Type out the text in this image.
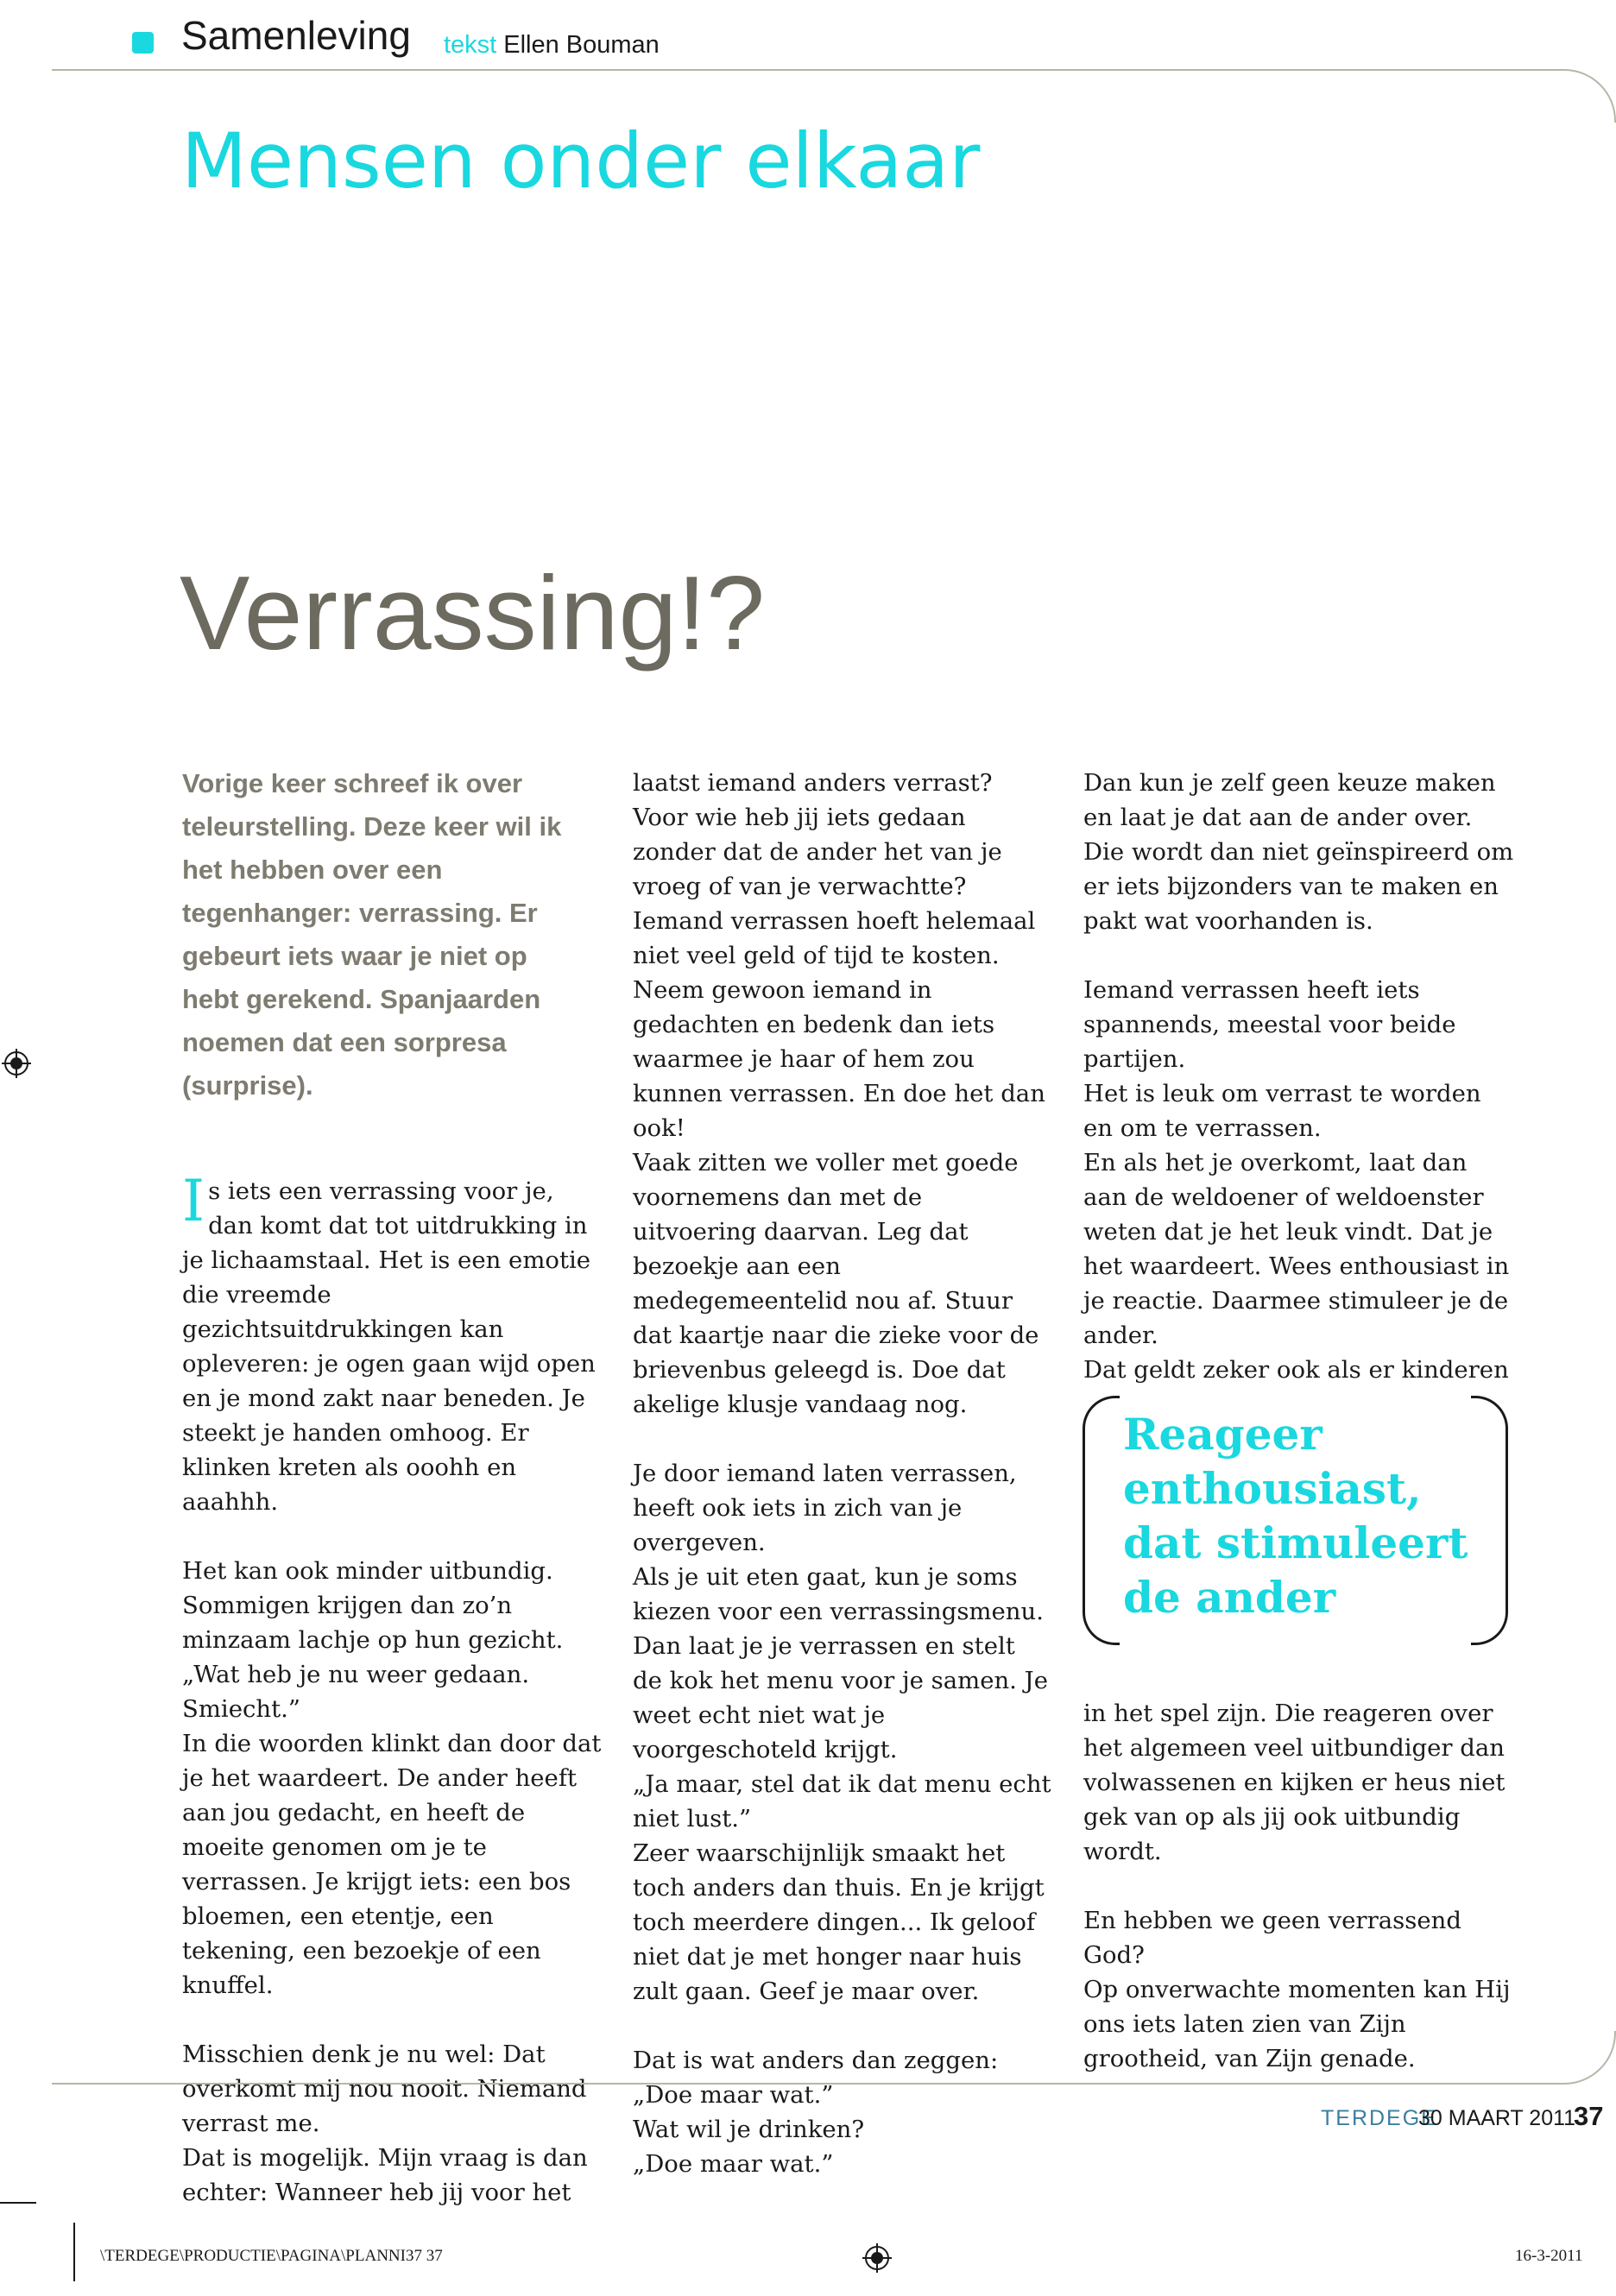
Samenleving tekst Ellen Bouman
Mensen onder elkaar
Verrassing!?
Vorige keer schreef ik over teleurstelling. Deze keer wil ik het hebben over een tegenhanger: verrassing. Er gebeurt iets waar je niet op hebt gerekend. Spanjaarden noemen dat een sorpresa (surprise).

Is iets een verrassing voor je, dan komt dat tot uitdrukking in je lichaamstaal. Het is een emotie die vreemde gezichtsuitdrukkingen kan opleveren: je ogen gaan wijd open en je mond zakt naar beneden. Je steekt je handen omhoog. Er klinken kreten als ooohh en aaahhh.

Het kan ook minder uitbundig. Sommigen krijgen dan zo’n minzaam lachje op hun gezicht. „Wat heb je nu weer gedaan. Smiecht.”

In die woorden klinkt dan door dat je het waardeert. De ander heeft aan jou gedacht, en heeft de moeite genomen om je te verrassen. Je krijgt iets: een bos bloemen, een etentje, een tekening, een bezoekje of een knuffel.

Misschien denk je nu wel: Dat overkomt mij nou nooit. Niemand verrast me.
Dat is mogelijk. Mijn vraag is dan echter: Wanneer heb jij voor het
laatst iemand anders verrast? Voor wie heb jij iets gedaan zonder dat de ander het van je vroeg of van je verwachtte?
Iemand verrassen hoeft helemaal niet veel geld of tijd te kosten. Neem gewoon iemand in gedachten en bedenk dan iets waarmee je haar of hem zou kunnen verrassen. En doe het dan ook!

Vaak zitten we voller met goede voornemens dan met de uitvoering daarvan. Leg dat bezoekje aan een medegemeentelid nou af. Stuur dat kaartje naar die zieke voor de brievenbus geleegd is. Doe dat akelige klusje vandaag nog.

Je door iemand laten verrassen, heeft ook iets in zich van je overgeven.
Als je uit eten gaat, kun je soms kiezen voor een verrassingsmenu. Dan laat je je verrassen en stelt de kok het menu voor je samen. Je weet echt niet wat je voorgeschoteld krijgt.
„Ja maar, stel dat ik dat menu echt niet lust.”

Zeer waarschijnlijk smaakt het toch anders dan thuis. En je krijgt toch meerdere dingen... Ik geloof niet dat je met honger naar huis zult gaan. Geef je maar over.

Dat is wat anders dan zeggen: „Doe maar wat.”
Wat wil je drinken?
„Doe maar wat.”

Dan kun je zelf geen keuze maken en laat je dat aan de ander over. Die wordt dan niet geïnspireerd om er iets bijzonders van te maken en pakt wat voorhanden is.

Iemand verrassen heeft iets spannends, meestal voor beide partijen.
Het is leuk om verrast te worden en om te verrassen.
En als het je overkomt, laat dan aan de weldoener of weldoenster weten dat je het leuk vindt. Dat je het waardeert. Wees enthousiast in je reactie. Daarmee stimuleer je de ander.
Dat geldt zeker ook als er kinderen
Reageer enthousiast, dat stimuleert de ander

in het spel zijn. Die reageren over het algemeen veel uitbundiger dan volwassenen en kijken er heus niet gek van op als jij ook uitbundig wordt.

En hebben we geen verrassend God?
Op onverwachte momenten kan Hij ons iets laten zien van Zijn grootheid, van Zijn genade.
TERDEGE
30 MAART 2011
37
\TERDEGE\PRODUCTIE\PAGINA\PLANNI37 37	16-3-2011
